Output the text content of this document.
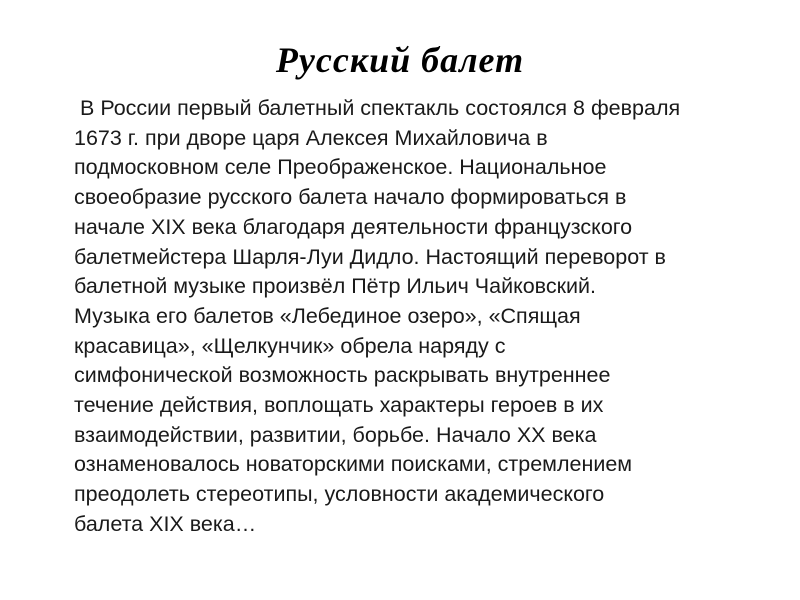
Русский балет
В России первый балетный спектакль состоялся 8 февраля
1673 г. при дворе царя Алексея Михайловича в
подмосковном селе Преображенское. Национальное
своеобразие русского балета начало формироваться в
начале XIX века благодаря деятельности французского
балетмейстера Шарля-Луи Дидло. Настоящий переворот в
балетной музыке произвёл Пётр Ильич Чайковский.
Музыка его балетов «Лебединое озеро», «Спящая
красавица», «Щелкунчик» обрела наряду с
симфонической возможность раскрывать внутреннее
течение действия, воплощать характеры героев в их
взаимодействии, развитии, борьбе. Начало XX века
ознаменовалось новаторскими поисками, стремлением
преодолеть стереотипы, условности академического
балета XIX века…
